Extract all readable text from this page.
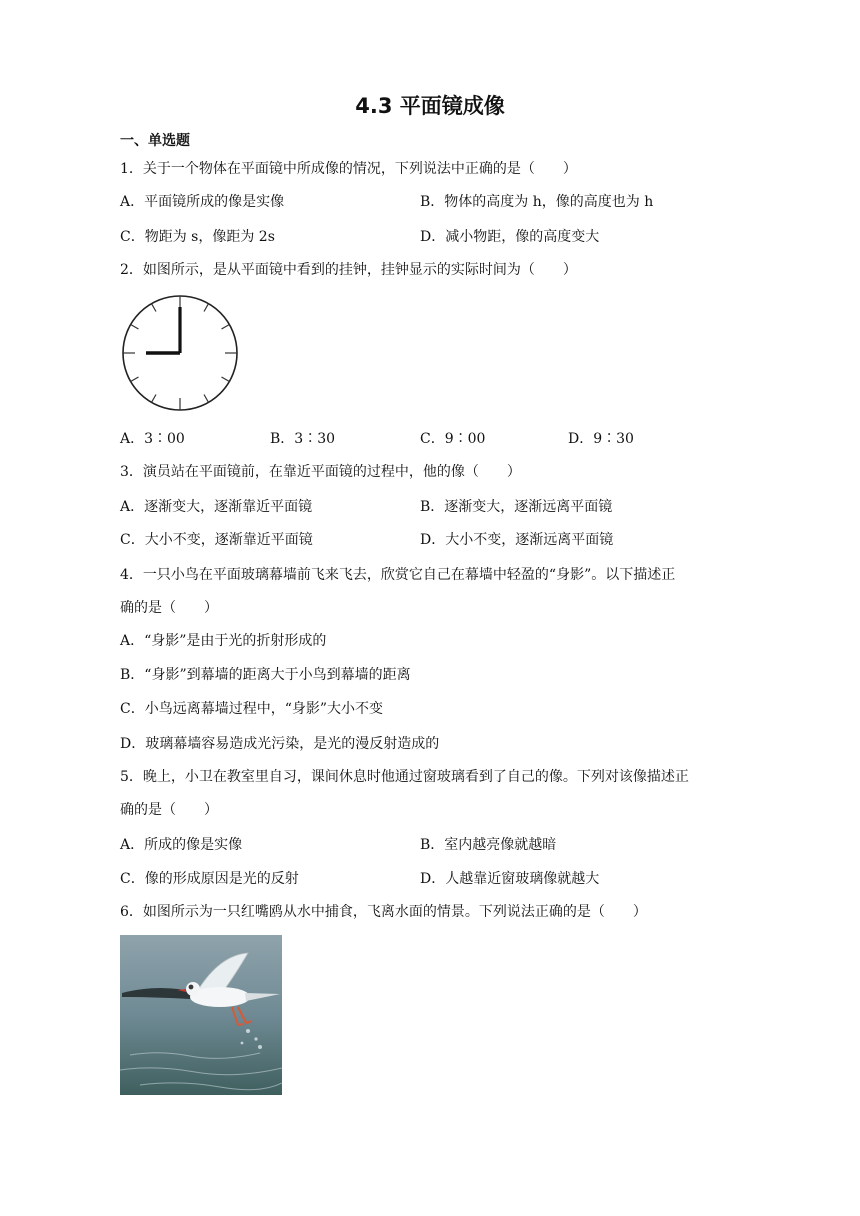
4.3 平面镜成像
一、单选题
1．关于一个物体在平面镜中所成像的情况，下列说法中正确的是（　　）
A．平面镜所成的像是实像	B．物体的高度为 h，像的高度也为 h
C．物距为 s，像距为 2s	D．减小物距，像的高度变大
2．如图所示，是从平面镜中看到的挂钟，挂钟显示的实际时间为（　　）
A．3∶00	B．3∶30	C．9∶00	D．9∶30
3．演员站在平面镜前，在靠近平面镜的过程中，他的像（　　）
A．逐渐变大，逐渐靠近平面镜	B．逐渐变大，逐渐远离平面镜
C．大小不变，逐渐靠近平面镜	D．大小不变，逐渐远离平面镜
4．一只小鸟在平面玻璃幕墙前飞来飞去，欣赏它自己在幕墙中轻盈的“身影”。以下描述正
确的是（　　）
A．“身影”是由于光的折射形成的
B．“身影”到幕墙的距离大于小鸟到幕墙的距离
C．小鸟远离幕墙过程中，“身影”大小不变
D．玻璃幕墙容易造成光污染，是光的漫反射造成的
5．晚上，小卫在教室里自习，课间休息时他通过窗玻璃看到了自己的像。下列对该像描述正
确的是（　　）
A．所成的像是实像	B．室内越亮像就越暗
C．像的形成原因是光的反射	D．人越靠近窗玻璃像就越大
6．如图所示为一只红嘴鸥从水中捕食，飞离水面的情景。下列说法正确的是（　　）
